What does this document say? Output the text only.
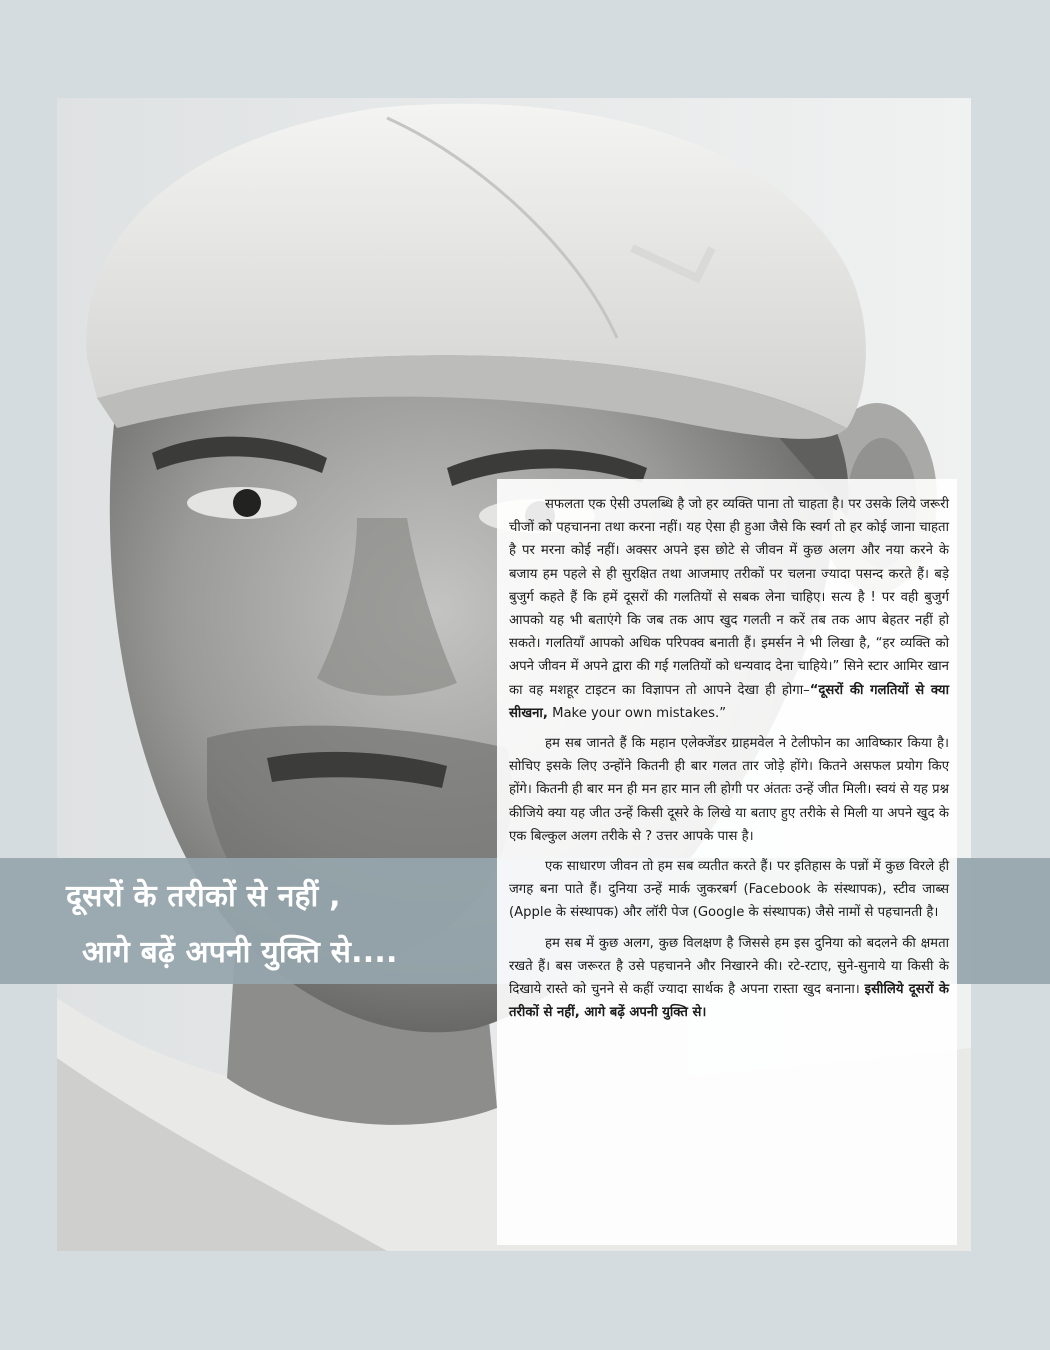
दूसरों के तरीकों से नहीं ,
आगे बढ़ें अपनी युक्ति से....

सफलता एक ऐसी उपलब्धि है जो हर व्यक्ति पाना तो चाहता है। पर उसके लिये जरूरी चीजों को पहचानना तथा करना नहीं। यह ऐसा ही हुआ जैसे कि स्वर्ग तो हर कोई जाना चाहता है पर मरना कोई नहीं। अक्सर अपने इस छोटे से जीवन में कुछ अलग और नया करने के बजाय हम पहले से ही सुरक्षित तथा आजमाए तरीकों पर चलना ज्यादा पसन्द करते हैं। बड़े बुजुर्ग कहते हैं कि हमें दूसरों की गलतियों से सबक लेना चाहिए। सत्य है ! पर वही बुजुर्ग आपको यह भी बताएंगे कि जब तक आप खुद गलती न करें तब तक आप बेहतर नहीं हो सकते। गलतियाँ आपको अधिक परिपक्व बनाती हैं। इमर्सन ने भी लिखा है, “हर व्यक्ति को अपने जीवन में अपने द्वारा की गई गलतियों को धन्यवाद देना चाहिये।” सिने स्टार आमिर खान का वह मशहूर टाइटन का विज्ञापन तो आपने देखा ही होगा–“दूसरों की गलतियों से क्या सीखना, Make your own mistakes.”

हम सब जानते हैं कि महान एलेक्जेंडर ग्राहमवेल ने टेलीफोन का आविष्कार किया है। सोचिए इसके लिए उन्होंने कितनी ही बार गलत तार जोड़े होंगे। कितने असफल प्रयोग किए होंगे। कितनी ही बार मन ही मन हार मान ली होगी पर अंततः उन्हें जीत मिली। स्वयं से यह प्रश्न कीजिये क्या यह जीत उन्हें किसी दूसरे के लिखे या बताए हुए तरीके से मिली या अपने खुद के एक बिल्कुल अलग तरीके से ? उत्तर आपके पास है।

एक साधारण जीवन तो हम सब व्यतीत करते हैं। पर इतिहास के पन्नों में कुछ विरले ही जगह बना पाते हैं। दुनिया उन्हें मार्क जुकरबर्ग (Facebook के संस्थापक), स्टीव जाब्स (Apple के संस्थापक) और लॉरी पेज (Google के संस्थापक) जैसे नामों से पहचानती है।

हम सब में कुछ अलग, कुछ विलक्षण है जिससे हम इस दुनिया को बदलने की क्षमता रखते हैं। बस जरूरत है उसे पहचानने और निखारने की। रटे-रटाए, सुने-सुनाये या किसी के दिखाये रास्ते को चुनने से कहीं ज्यादा सार्थक है अपना रास्ता खुद बनाना। इसीलिये दूसरों के तरीकों से नहीं, आगे बढ़ें अपनी युक्ति से।
